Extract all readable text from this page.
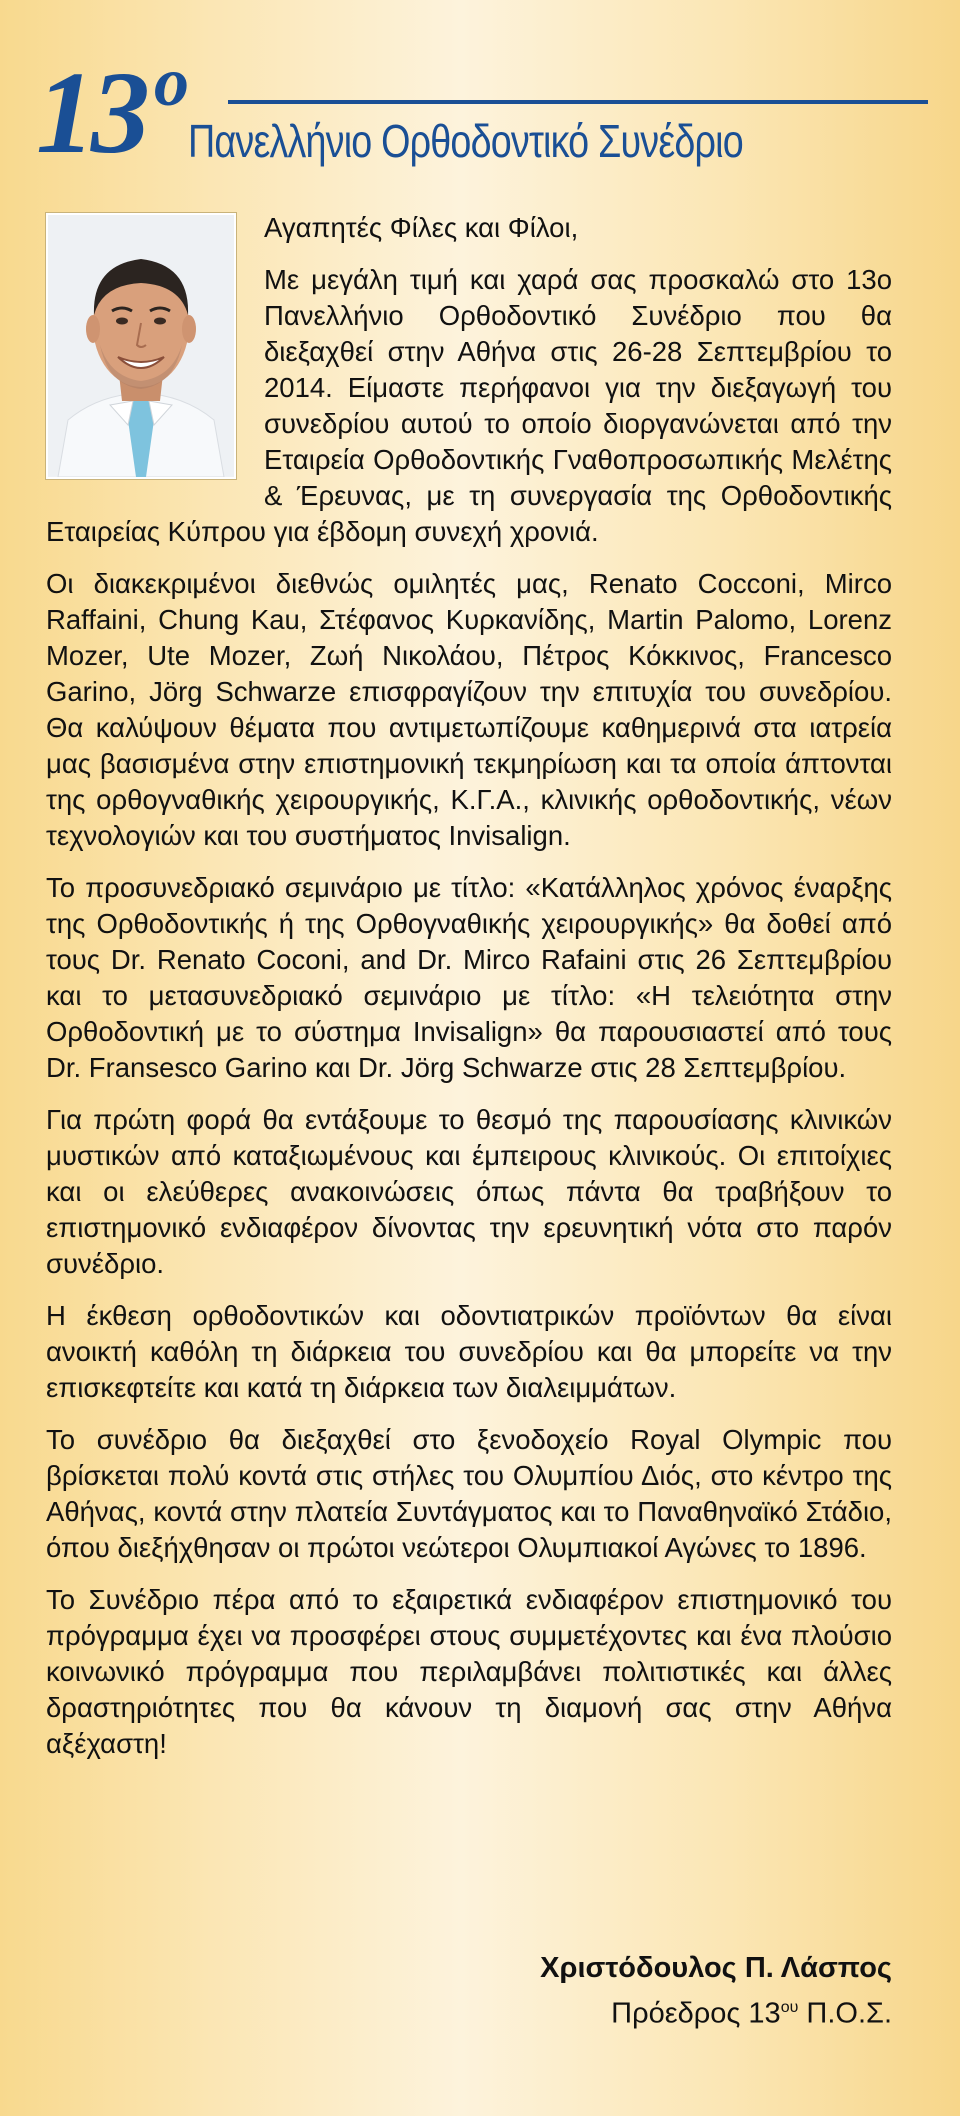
13 ο
Πανελλήνιο Ορθοδοντικό Συνέδριο

Αγαπητές Φίλες και Φίλοι,

Με μεγάλη τιμή και χαρά σας προσκαλώ στο 13ο Πανελλήνιο Ορθοδοντικό Συνέδριο που θα διεξαχθεί στην Αθήνα στις 26-28 Σεπτεμβρίου το 2014. Είμαστε περήφανοι για την διεξαγωγή του συνεδρίου αυτού το οποίο διοργανώνεται από την Εταιρεία Ορθοδοντικής Γναθοπροσωπικής Μελέτης & Έρευνας, με τη συνεργασία της Ορθοδοντικής Εταιρείας Κύπρου για έβδομη συνεχή χρονιά.

Οι διακεκριμένοι διεθνώς ομιλητές μας, Renato Cocconi, Mirco Raffaini, Chung Kau, Στέφανος Κυρκανίδης, Martin Palomo, Lorenz Mozer, Ute Mozer, Ζωή Νικολάου, Πέτρος Κόκκινος, Francesco Garino, Jörg Schwarze επισφραγίζουν την επιτυχία του συνεδρίου. Θα καλύψουν θέματα που αντιμετωπίζουμε καθημερινά στα ιατρεία μας βασισμένα στην επιστημονική τεκμηρίωση και τα οποία άπτονται της ορθογναθικής χειρουργικής, Κ.Γ.Α., κλινικής ορθοδοντικής, νέων τεχνολογιών και του συστήματος Invisalign.

Το προσυνεδριακό σεμινάριο με τίτλο: «Κατάλληλος χρόνος έναρξης της Ορθοδοντικής ή της Ορθογναθικής χειρουργικής» θα δοθεί από τους Dr. Renato Coconi, and Dr. Mirco Rafaini στις 26 Σεπτεμβρίου και το μετασυνεδριακό σεμινάριο με τίτλο: «Η τελειότητα στην Ορθοδοντική με το σύστημα Invisalign» θα παρουσιαστεί από τους Dr. Fransesco Garino και Dr. Jörg Schwarze στις 28 Σεπτεμβρίου.

Για πρώτη φορά θα εντάξουμε το θεσμό της παρουσίασης κλινικών μυστικών από καταξιωμένους και έμπειρους κλινικούς. Οι επιτοίχιες και οι ελεύθερες ανακοινώσεις όπως πάντα θα τραβήξουν το επιστημονικό ενδιαφέρον δίνοντας την ερευνητική νότα στο παρόν συνέδριο.

Η έκθεση ορθοδοντικών και οδοντιατρικών προϊόντων θα είναι ανοικτή καθόλη τη διάρκεια του συνεδρίου και θα μπορείτε να την επισκεφτείτε και κατά τη διάρκεια των διαλειμμάτων.

Το συνέδριο θα διεξαχθεί στο ξενοδοχείο Royal Olympic που βρίσκεται πολύ κοντά στις στήλες του Ολυμπίου Διός, στο κέντρο της Αθήνας, κοντά στην πλατεία Συντάγματος και το Παναθηναϊκό Στάδιο, όπου διεξήχθησαν οι πρώτοι νεώτεροι Ολυμπιακοί Αγώνες το 1896.

Το Συνέδριο πέρα από το εξαιρετικά ενδιαφέρον επιστημονικό του πρόγραμμα έχει να προσφέρει στους συμμετέχοντες και ένα πλούσιο κοινωνικό πρόγραμμα που περιλαμβάνει πολιτιστικές και άλλες δραστηριότητες που θα κάνουν τη διαμονή σας στην Αθήνα αξέχαστη!

Χριστόδουλος Π. Λάσπος
Πρόεδρος $13^{o\upsilon}$ Π.Ο.Σ.
